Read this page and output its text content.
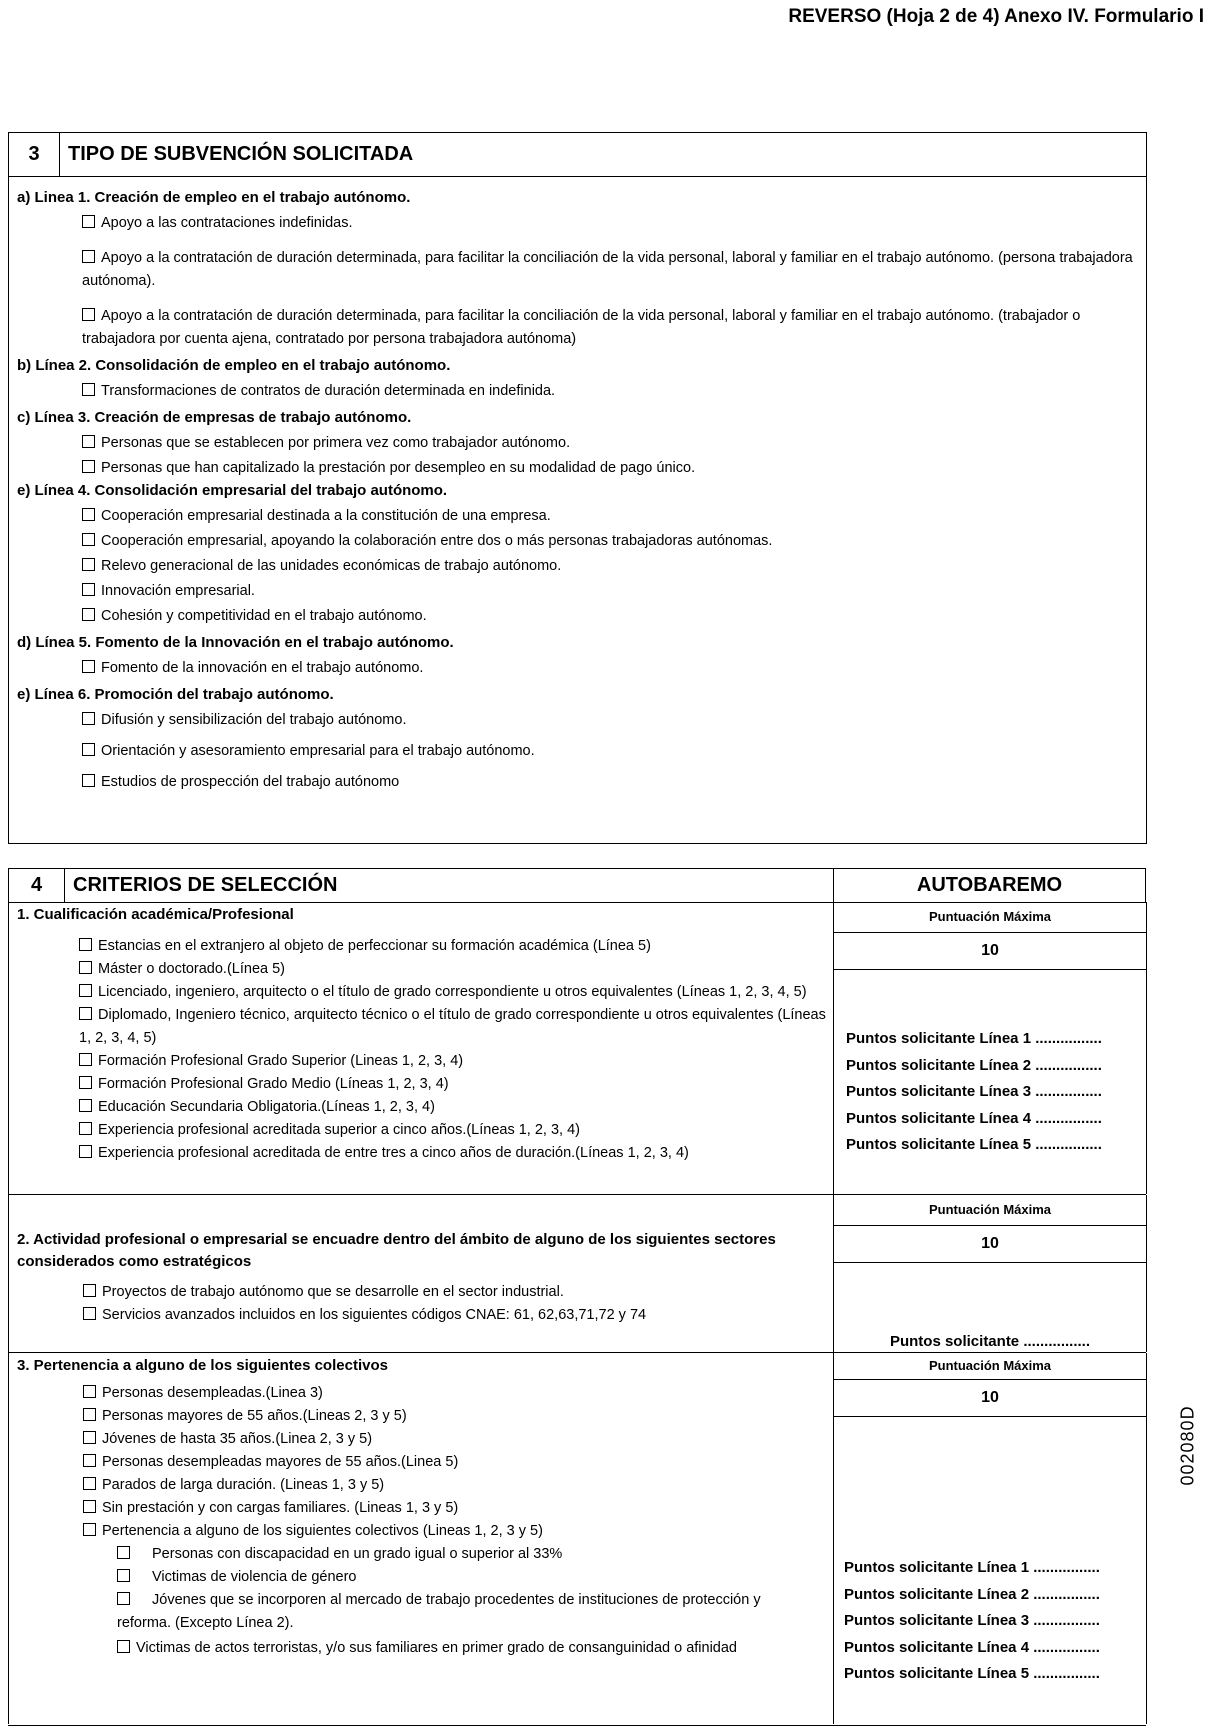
REVERSO (Hoja 2 de 4) Anexo IV. Formulario I
3	TIPO DE SUBVENCIÓN SOLICITADA
a) Linea 1. Creación de empleo en el trabajo autónomo.
Apoyo a las contrataciones indefinidas.
Apoyo a la contratación de duración determinada, para facilitar la conciliación de la vida personal, laboral y familiar en el trabajo autónomo. (persona trabajadora autónoma).
Apoyo a la contratación de duración determinada, para facilitar la conciliación de la vida personal, laboral y familiar en el trabajo autónomo. (trabajador o trabajadora por cuenta ajena, contratado por persona trabajadora autónoma)
b) Línea 2. Consolidación de empleo en el trabajo autónomo.
Transformaciones de contratos de duración determinada en indefinida.
c) Línea 3. Creación de empresas de trabajo autónomo.
Personas que se establecen por primera vez como trabajador autónomo.
Personas que han capitalizado la prestación por desempleo en su modalidad de pago único.
e) Línea 4. Consolidación empresarial del trabajo autónomo.
Cooperación empresarial destinada a la constitución de una empresa.
Cooperación empresarial, apoyando la colaboración entre dos o más personas trabajadoras autónomas.
Relevo generacional de las unidades económicas de trabajo autónomo.
Innovación empresarial.
Cohesión y competitividad en el trabajo autónomo.
d) Línea 5. Fomento de la Innovación en el trabajo autónomo.
Fomento de la innovación en el trabajo autónomo.
e) Línea 6. Promoción del trabajo autónomo.
Difusión y sensibilización del trabajo autónomo.
Orientación y asesoramiento empresarial para el trabajo autónomo.
Estudios de prospección del trabajo autónomo
4	CRITERIOS DE SELECCIÓN	AUTOBAREMO
1. Cualificación académica/Profesional
Estancias en el extranjero al objeto de perfeccionar su formación académica (Línea 5)
Máster o doctorado.(Línea 5)
Licenciado, ingeniero, arquitecto o el título de grado correspondiente u otros equivalentes (Líneas 1, 2, 3, 4, 5)
Diplomado, Ingeniero técnico, arquitecto técnico o el título de grado correspondiente u otros equivalentes (Líneas 1, 2, 3, 4, 5)
Formación Profesional Grado Superior (Lineas 1, 2, 3, 4)
Formación Profesional Grado Medio (Líneas 1, 2, 3, 4)
Educación Secundaria Obligatoria.(Líneas 1, 2, 3, 4)
Experiencia profesional acreditada superior a cinco años.(Líneas 1, 2, 3, 4)
Experiencia profesional acreditada de entre tres a cinco años de duración.(Líneas 1, 2, 3, 4)
Puntuación Máxima
10
Puntos solicitante Línea 1 ................
Puntos solicitante Línea 2 ................
Puntos solicitante Línea 3 ................
Puntos solicitante Línea 4 ................
Puntos solicitante Línea 5 ................
2. Actividad profesional o empresarial se encuadre dentro del ámbito de alguno de los siguientes sectores considerados como estratégicos
Proyectos de trabajo autónomo que se desarrolle en el sector industrial.
Servicios avanzados incluidos en los siguientes códigos CNAE: 61, 62,63,71,72 y 74
Puntuación Máxima
10
Puntos solicitante ................
3. Pertenencia a alguno de los siguientes colectivos
Personas desempleadas.(Linea 3)
Personas mayores de 55 años.(Lineas 2, 3 y 5)
Jóvenes de hasta 35 años.(Linea 2, 3 y 5)
Personas desempleadas mayores de 55 años.(Linea 5)
Parados de larga duración. (Lineas 1, 3 y 5)
Sin prestación y con cargas familiares. (Lineas 1, 3 y 5)
Pertenencia a alguno de los siguientes colectivos (Lineas 1, 2, 3 y 5)
Personas con discapacidad en un grado igual o superior al 33%
Victimas de violencia de género
Jóvenes que se incorporen al mercado de trabajo procedentes de instituciones de protección y reforma. (Excepto Línea 2).
Victimas de actos terroristas, y/o sus familiares en primer grado de consanguinidad o afinidad
Puntuación Máxima
10
Puntos solicitante Línea 1 ................
Puntos solicitante Línea 2 ................
Puntos solicitante Línea 3 ................
Puntos solicitante Línea 4 ................
Puntos solicitante Línea 5 ................
002080D
